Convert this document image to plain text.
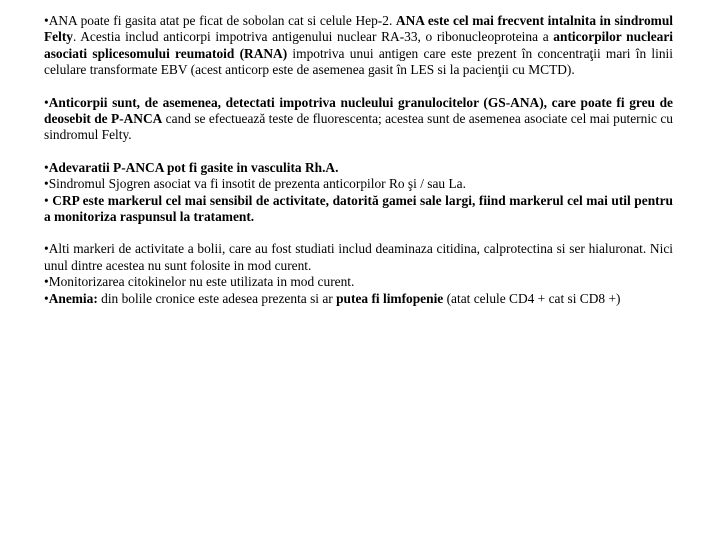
•ANA poate fi gasita atat pe ficat de sobolan cat si celule Hep-2. ANA este cel mai frecvent intalnita in sindromul Felty. Acestia includ anticorpi impotriva antigenului nuclear RA-33, o ribonucleoproteina a anticorpilor nucleari asociati splicesomului reumatoid (RANA) impotriva unui antigen care este prezent în concentraţii mari în linii celulare transformate EBV (acest anticorp este de asemenea gasit în LES si la pacienţii cu MCTD).

•Anticorpii sunt, de asemenea, detectati impotriva nucleului granulocitelor (GS-ANA), care poate fi greu de deosebit de P-ANCA cand se efectuează teste de fluorescenta; acestea sunt de asemenea asociate cel mai puternic cu sindromul Felty.

•Adevaratii P-ANCA pot fi gasite in vasculita Rh.A.

•Sindromul Sjogren asociat va fi insotit de prezenta anticorpilor Ro şi / sau La.

• CRP este markerul cel mai sensibil de activitate, datorită gamei sale largi, fiind markerul cel mai util pentru a monitoriza raspunsul la tratament.

•Alti markeri de activitate a bolii, care au fost studiati includ deaminaza citidina, calprotectina si ser hialuronat. Nici unul dintre acestea nu sunt folosite in mod curent.

•Monitorizarea citokinelor nu este utilizata in mod curent.

•Anemia: din bolile cronice este adesea prezenta si ar putea fi limfopenie (atat celule CD4 + cat si CD8 +)
